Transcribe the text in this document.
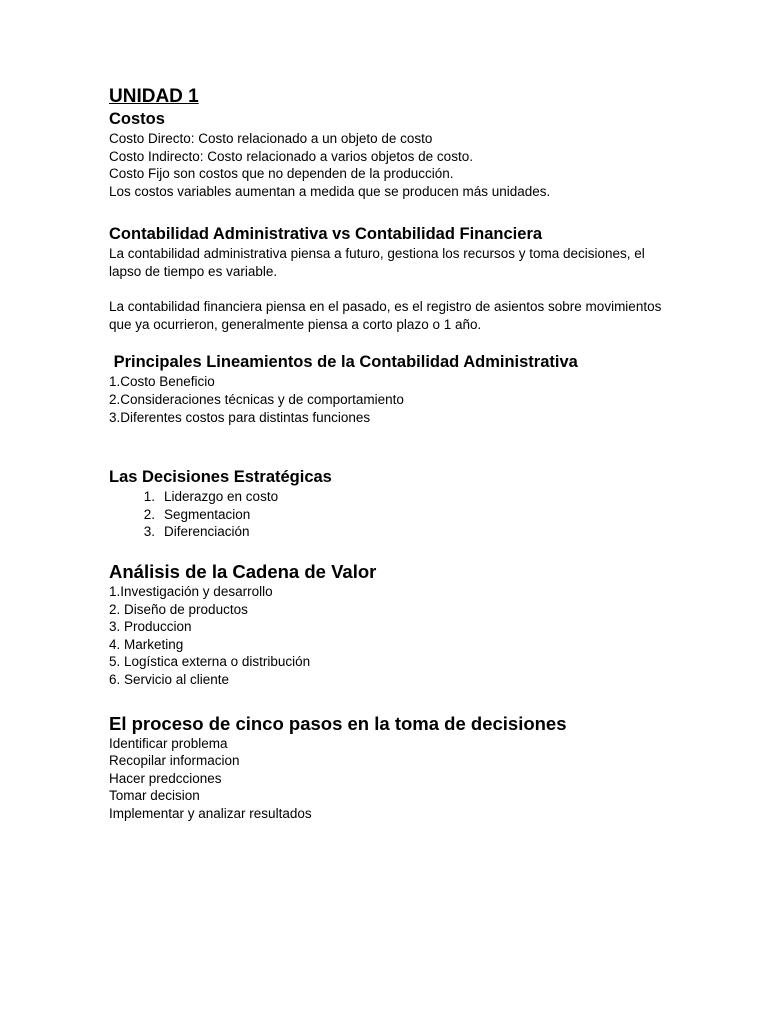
UNIDAD 1
Costos

Costo Directo: Costo relacionado a un objeto de costo

Costo Indirecto: Costo relacionado a varios objetos de costo.

Costo Fijo son costos que no dependen de la producción.

Los costos variables aumentan a medida que se producen más unidades.

Contabilidad Administrativa vs Contabilidad Financiera

La contabilidad administrativa piensa a futuro, gestiona los recursos y toma decisiones, el lapso de tiempo es variable.

La contabilidad financiera piensa en el pasado, es el registro de asientos sobre movimientos que ya ocurrieron, generalmente piensa a corto plazo o 1 año.

Principales Lineamientos de la Contabilidad Administrativa

1.Costo Beneficio

2.Consideraciones técnicas y de comportamiento

3.Diferentes costos para distintas funciones

Las Decisiones Estratégicas
1. Liderazgo en costo
2. Segmentacion
3. Diferenciación
Análisis de la Cadena de Valor

1.Investigación y desarrollo

2. Diseño de productos

3. Produccion

4. Marketing

5. Logística externa o distribución

6. Servicio al cliente

El proceso de cinco pasos en la toma de decisiones

Identificar problema

Recopilar informacion

Hacer predcciones

Tomar decision

Implementar y analizar resultados
